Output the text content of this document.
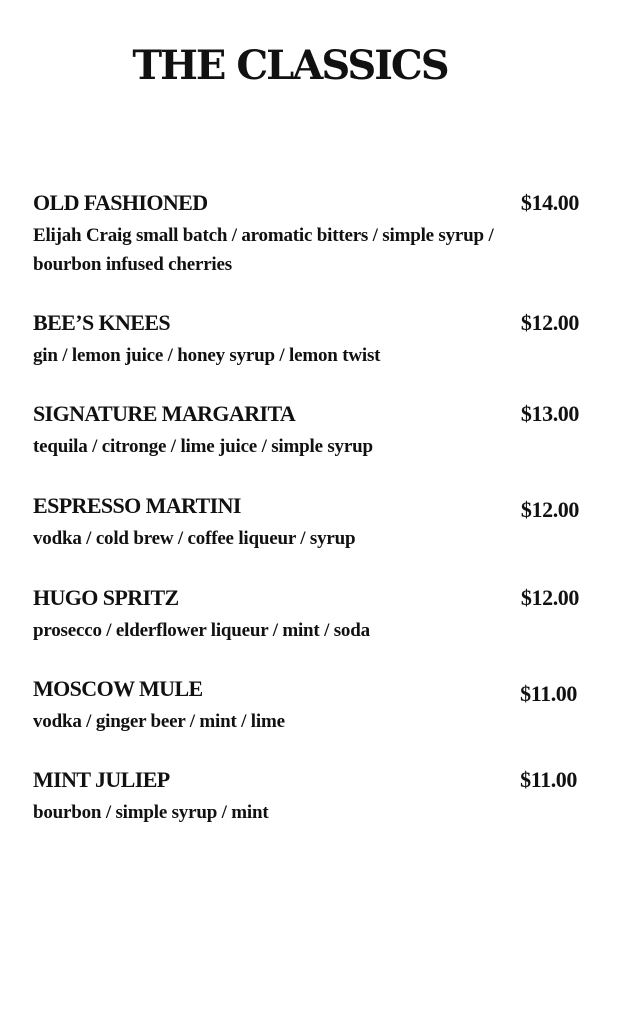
THE CLASSICS
OLD FASHIONED	$14.00
Elijah Craig small batch / aromatic bitters / simple syrup / bourbon infused cherries
BEE’S KNEES	$12.00
gin / lemon juice / honey syrup / lemon twist
SIGNATURE MARGARITA	$13.00
tequila / citronge / lime juice / simple syrup
ESPRESSO MARTINI	$12.00
vodka / cold brew / coffee liqueur / syrup
HUGO SPRITZ	$12.00
prosecco / elderflower liqueur / mint / soda
MOSCOW MULE	$11.00
vodka / ginger beer / mint / lime
MINT JULIEP	$11.00
bourbon / simple syrup / mint
